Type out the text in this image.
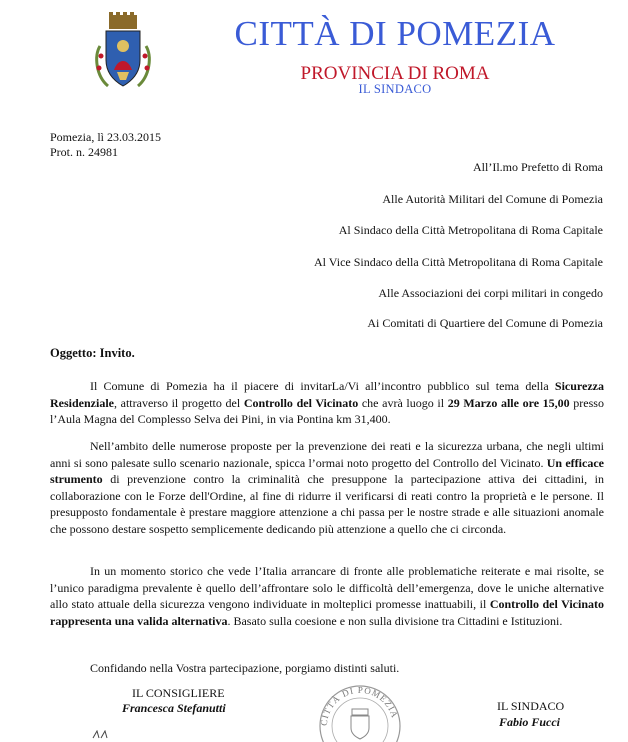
CITTÀ DI POMEZIA
PROVINCIA DI ROMA
IL SINDACO
Pomezia, lì 23.03.2015
Prot. n. 24981
All’Il.mo Prefetto di Roma
Alle Autorità Militari del Comune di Pomezia
Al Sindaco della Città Metropolitana di Roma Capitale
Al Vice Sindaco della Città Metropolitana di Roma Capitale
Alle Associazioni dei corpi militari in congedo
Ai Comitati di Quartiere del Comune di Pomezia
Oggetto: Invito.

Il Comune di Pomezia ha il piacere di invitarLa/Vi all’incontro pubblico sul tema della Sicurezza Residenziale, attraverso il progetto del Controllo del Vicinato che avrà luogo il 29 Marzo alle ore 15,00 presso l’Aula Magna del Complesso Selva dei Pini, in via Pontina km 31,400.

Nell’ambito delle numerose proposte per la prevenzione dei reati e la sicurezza urbana, che negli ultimi anni si sono palesate sullo scenario nazionale, spicca l’ormai noto progetto del Controllo del Vicinato. Un efficace strumento di prevenzione contro la criminalità che presuppone la partecipazione attiva dei cittadini, in collaborazione con le Forze dell'Ordine, al fine di ridurre il verificarsi di reati contro la proprietà e le persone. Il presupposto fondamentale è prestare maggiore attenzione a chi passa per le nostre strade e alle situazioni anomale che possono destare sospetto semplicemente dedicando più attenzione a quello che ci circonda.

In un momento storico che vede l’Italia arrancare di fronte alle problematiche reiterate e mai risolte, se l’unico paradigma prevalente è quello dell’affrontare solo le difficoltà dell’emergenza, dove le uniche alternative allo stato attuale della sicurezza vengono individuate in molteplici promesse inattuabili, il Controllo del Vicinato rappresenta una valida alternativa. Basato sulla coesione e non sulla divisione tra Cittadini e Istituzioni.

Confidando nella Vostra partecipazione, porgiamo distinti saluti.
IL CONSIGLIERE
Francesca Stefanutti	IL SINDACO
Fabio Fucci
CITTÀ DI POMEZIA
